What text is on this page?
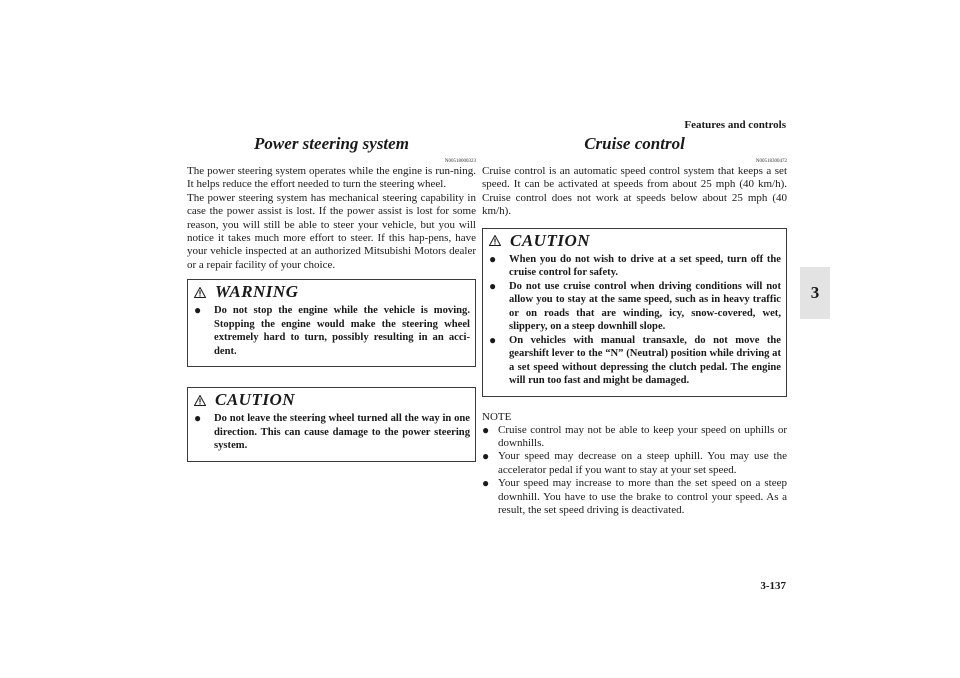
Features and controls
3
3-137
Power steering system
N00518000323

The power steering system operates while the engine is run-ning. It helps reduce the effort needed to turn the steering wheel.

The power steering system has mechanical steering capability in case the power assist is lost. If the power assist is lost for some reason, you will still be able to steer your vehicle, but you will notice it takes much more effort to steer. If this hap-pens, have your vehicle inspected at an authorized Mitsubishi Motors dealer or a repair facility of your choice.

WARNING
●	Do not stop the engine while the vehicle is moving. Stopping the engine would make the steering wheel extremely hard to turn, possibly resulting in an acci-dent.
CAUTION
●	Do not leave the steering wheel turned all the way in one direction. This can cause damage to the power steering system.
Cruise control
N00518300472

Cruise control is an automatic speed control system that keeps a set speed. It can be activated at speeds from about 25 mph (40 km/h). Cruise control does not work at speeds below about 25 mph (40 km/h).

CAUTION
●	When you do not wish to drive at a set speed, turn off the cruise control for safety.
●	Do not use cruise control when driving conditions will not allow you to stay at the same speed, such as in heavy traffic or on roads that are winding, icy, snow-covered, wet, slippery, on a steep downhill slope.
●	On vehicles with manual transaxle, do not move the gearshift lever to the “N” (Neutral) position while driving at a set speed without depressing the clutch pedal. The engine will run too fast and might be damaged.
NOTE
● Cruise control may not be able to keep your speed on uphills or downhills.
● Your speed may decrease on a steep uphill. You may use the accelerator pedal if you want to stay at your set speed.
● Your speed may increase to more than the set speed on a steep downhill. You have to use the brake to control your speed. As a result, the set speed driving is deactivated.
